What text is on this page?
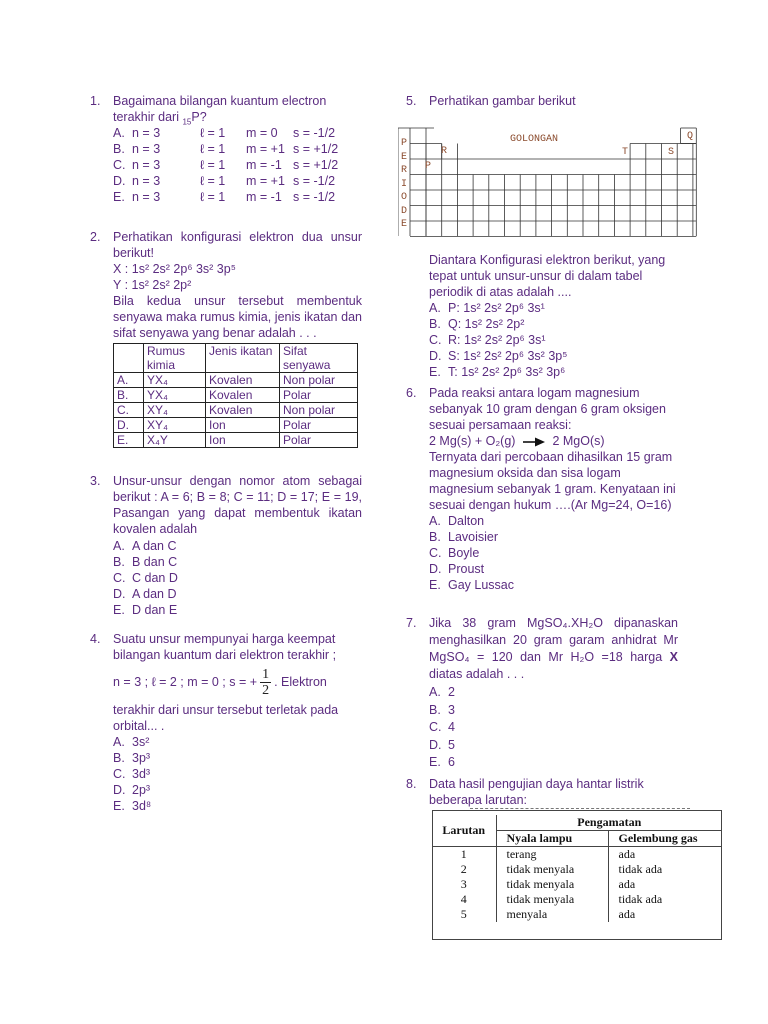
1.	Bagaimana bilangan kuantum electron
terakhir dari $_{15}$P?
A. n = 3	ℓ = 1	m = 0	s = -1/2
B. n = 3	ℓ = 1	m = +1 s = +1/2
C. n = 3	ℓ = 1	m = -1 s = +1/2
D. n = 3	ℓ = 1	m = +1 s = -1/2
E. n = 3	ℓ = 1	m = -1 s = -1/2
2.	Perhatikan konfigurasi elektron dua unsur berikut!
X : 1s² 2s² 2p⁶ 3s² 3p⁵
Y : 1s² 2s² 2p²
Bila kedua unsur tersebut membentuk senyawa maka rumus kimia, jenis ikatan dan sifat senyawa yang benar adalah . . .
	Rumus kimia	Jenis ikatan	Sifat senyawa
A.	YX₄	Kovalen	Non polar
B.	YX₄	Kovalen	Polar
C.	XY₄	Kovalen	Non polar
D.	XY₄	Ion	Polar
E.	X₄Y	Ion	Polar
3.	Unsur-unsur dengan nomor atom sebagai berikut : A = 6; B = 8; C = 11; D = 17; E = 19, Pasangan yang dapat membentuk ikatan kovalen adalah
A. A dan C
B. B dan C
C. C dan D
D. A dan D
E. D dan E
4.	Suatu unsur mempunyai harga keempat bilangan kuantum dari elektron terakhir ;
n = 3 ; ℓ = 2 ; m = 0 ; s = + $\frac{1}{2}$ . Elektron
terakhir dari unsur tersebut terletak pada orbital... .
A. 3s²
B. 3p³
C. 3d³
D. 2p³
E. 3d⁸
5.	Perhatikan gambar berikut
GOLONGAN	Q
R	T	S
P
P
E
R
I
O
D
E
Diantara Konfigurasi elektron berikut, yang tepat untuk unsur-unsur di dalam tabel periodik di atas adalah ....
A. P: 1s² 2s² 2p⁶ 3s¹
B. Q: 1s² 2s² 2p²
C. R: 1s² 2s² 2p⁶ 3s¹
D. S: 1s² 2s² 2p⁶ 3s² 3p⁵
E. T: 1s² 2s² 2p⁶ 3s² 3p⁶
6.	Pada reaksi antara logam magnesium sebanyak 10 gram dengan 6 gram oksigen sesuai persamaan reaksi:
2 Mg(s) + O₂(g)	2 MgO(s)
Ternyata dari percobaan dihasilkan 15 gram magnesium oksida dan sisa logam magnesium sebanyak 1 gram. Kenyataan ini sesuai dengan hukum ….(Ar Mg=24, O=16)
A. Dalton
B. Lavoisier
C. Boyle
D. Proust
E. Gay Lussac
7.	Jika 38 gram MgSO₄.XH₂O dipanaskan menghasilkan 20 gram garam anhidrat Mr MgSO₄ = 120 dan Mr H₂O =18 harga X diatas adalah . . .
A. 2
B. 3
C. 4
D. 5
E. 6
8.	Data hasil pengujian daya hantar listrik beberapa larutan:
Larutan	Pengamatan	
	Nyala lampu	Gelembung gas
1	terang	ada
2	tidak menyala	tidak ada
3	tidak menyala	ada
4	tidak menyala	tidak ada
5	menyala	ada
